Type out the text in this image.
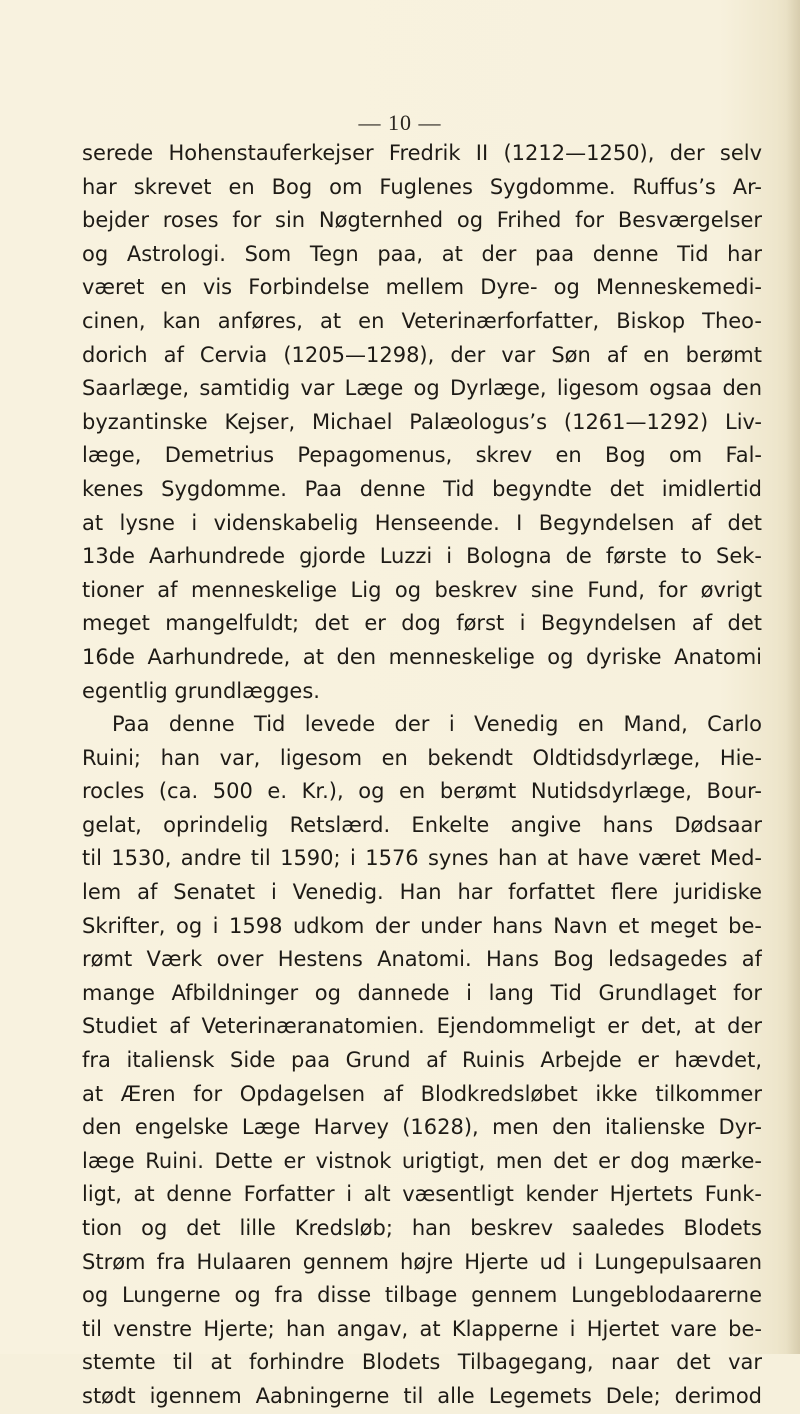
— 10 —
serede Hohenstauferkejser Fredrik II (1212—1250), der selv
har skrevet en Bog om Fuglenes Sygdomme. Ruffus’s Ar-
bejder roses for sin Nøgternhed og Frihed for Besværgelser
og Astrologi. Som Tegn paa, at der paa denne Tid har
været en vis Forbindelse mellem Dyre- og Menneskemedi-
cinen, kan anføres, at en Veterinærforfatter, Biskop Theo-
dorich af Cervia (1205—1298), der var Søn af en berømt
Saarlæge, samtidig var Læge og Dyrlæge, ligesom ogsaa den
byzantinske Kejser, Michael Palæologus’s (1261—1292) Liv-
læge, Demetrius Pepagomenus, skrev en Bog om Fal-
kenes Sygdomme. Paa denne Tid begyndte det imidlertid
at lysne i videnskabelig Henseende. I Begyndelsen af det
13de Aarhundrede gjorde Luzzi i Bologna de første to Sek-
tioner af menneskelige Lig og beskrev sine Fund, for øvrigt
meget mangelfuldt; det er dog først i Begyndelsen af det
16de Aarhundrede, at den menneskelige og dyriske Anatomi
egentlig grundlægges.
Paa denne Tid levede der i Venedig en Mand, Carlo
Ruini; han var, ligesom en bekendt Oldtidsdyrlæge, Hie-
rocles (ca. 500 e. Kr.), og en berømt Nutidsdyrlæge, Bour-
gelat, oprindelig Retslærd. Enkelte angive hans Dødsaar
til 1530, andre til 1590; i 1576 synes han at have været Med-
lem af Senatet i Venedig. Han har forfattet flere juridiske
Skrifter, og i 1598 udkom der under hans Navn et meget be-
rømt Værk over Hestens Anatomi. Hans Bog ledsagedes af
mange Afbildninger og dannede i lang Tid Grundlaget for
Studiet af Veterinæranatomien. Ejendommeligt er det, at der
fra italiensk Side paa Grund af Ruinis Arbejde er hævdet,
at Æren for Opdagelsen af Blodkredsløbet ikke tilkommer
den engelske Læge Harvey (1628), men den italienske Dyr-
læge Ruini. Dette er vistnok urigtigt, men det er dog mærke-
ligt, at denne Forfatter i alt væsentligt kender Hjertets Funk-
tion og det lille Kredsløb; han beskrev saaledes Blodets
Strøm fra Hulaaren gennem højre Hjerte ud i Lungepulsaaren
og Lungerne og fra disse tilbage gennem Lungeblodaarerne
til venstre Hjerte; han angav, at Klapperne i Hjertet vare be-
stemte til at forhindre Blodets Tilbagegang, naar det var
stødt igennem Aabningerne til alle Legemets Dele; derimod
